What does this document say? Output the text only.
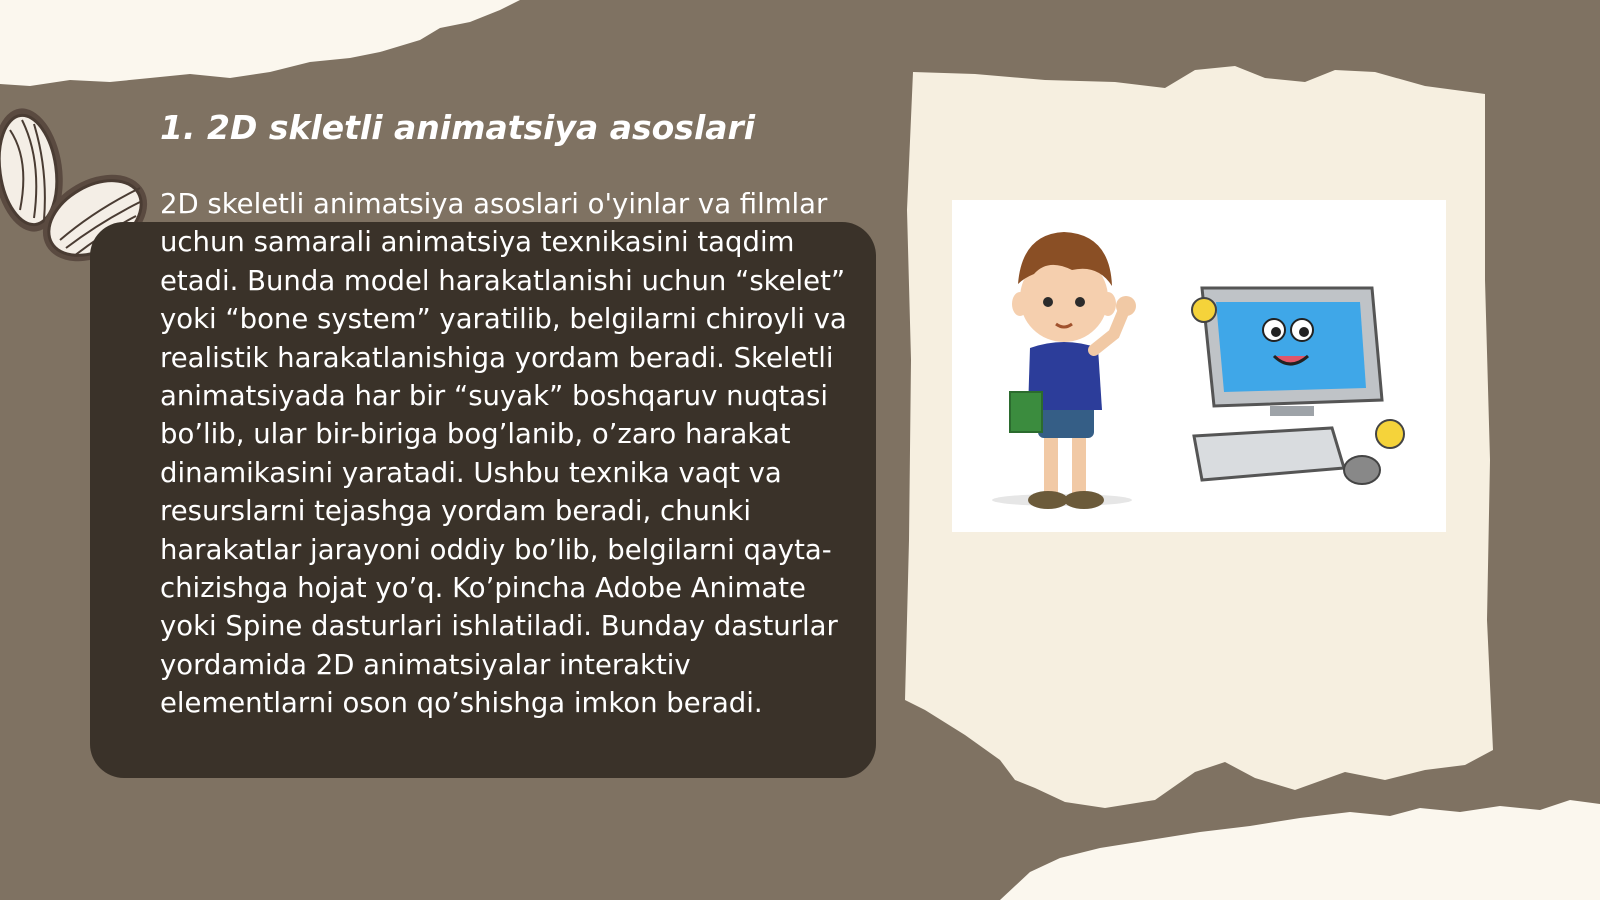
1. 2D skletli animatsiya asoslari

2D skeletli animatsiya asoslari o'yinlar va filmlar uchun samarali animatsiya texnikasini taqdim etadi. Bunda model harakatlanishi uchun “skelet” yoki “bone system” yaratilib, belgilarni chiroyli va realistik harakatlanishiga yordam beradi. Skeletli animatsiyada har bir “suyak” boshqaruv nuqtasi bo’lib, ular bir-biriga bog’lanib, o’zaro harakat dinamikasini yaratadi. Ushbu texnika vaqt va resurslarni tejashga yordam beradi, chunki harakatlar jarayoni oddiy bo’lib, belgilarni qayta-chizishga hojat yo’q. Ko’pincha Adobe Animate yoki Spine dasturlari ishlatiladi. Bunday dasturlar yordamida 2D animatsiyalar interaktiv elementlarni oson qo’shishga imkon beradi.
